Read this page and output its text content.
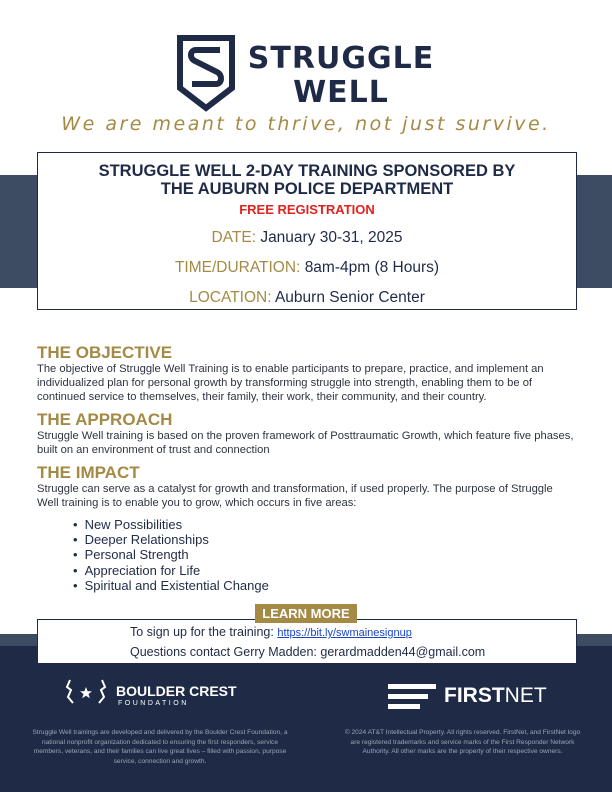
STRUGGLE
WELL
We are meant to thrive, not just survive.
STRUGGLE WELL 2-DAY TRAINING SPONSORED BY
THE AUBURN POLICE DEPARTMENT
FREE REGISTRATION
DATE: January 30-31, 2025
TIME/DURATION: 8am-4pm (8 Hours)
LOCATION: Auburn Senior Center
THE OBJECTIVE
The objective of Struggle Well Training is to enable participants to prepare, practice, and implement an individualized plan for personal growth by transforming struggle into strength, enabling them to be of continued service to themselves, their family, their work, their community, and their country.
THE APPROACH
Struggle Well training is based on the proven framework of Posttraumatic Growth, which feature five phases, built on an environment of trust and connection
THE IMPACT
Struggle can serve as a catalyst for growth and transformation, if used properly. The purpose of Struggle Well training is to enable you to grow, which occurs in five areas:
• New Possibilities
• Deeper Relationships
• Personal Strength
• Appreciation for Life
• Spiritual and Existential Change
To sign up for the training: https://bit.ly/swmainesignup
Questions contact Gerry Madden: gerardmadden44@gmail.com
LEARN MORE
BOULDER CREST
FOUNDATION
Struggle Well trainings are developed and delivered by the Boulder Crest Foundation, a national nonprofit organization dedicated to ensuring the first responders, service members, veterans, and their families can live great lives – filled with passion, purpose service, connection and growth.
FIRSTNET
© 2024 AT&T Intellectual Property. All rights reserved. FirstNet, and FirstNet logo are registered trademarks and service marks of the First Responder Network Authority. All other marks are the property of their respective owners.
